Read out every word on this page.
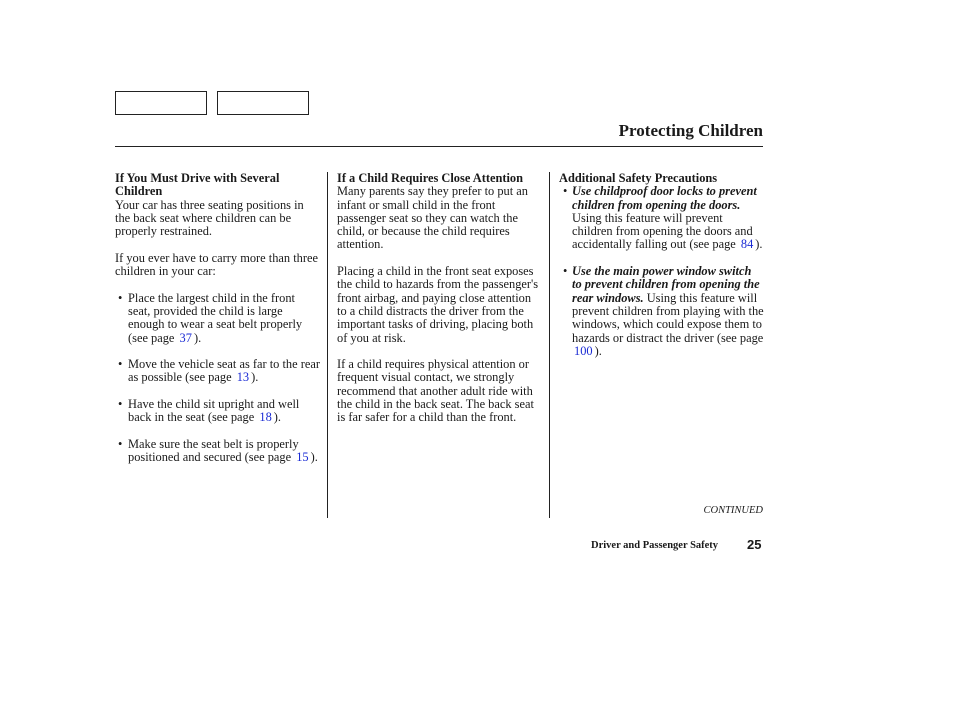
Protecting Children

If You Must Drive with Several Children

Your car has three seating positions in the back seat where children can be properly restrained.

If you ever have to carry more than three children in your car:

• Place the largest child in the front seat, provided the child is large enough to wear a seat belt properly (see page 37 ).

• Move the vehicle seat as far to the rear as possible (see page 13 ).

• Have the child sit upright and well back in the seat (see page 18 ).

• Make sure the seat belt is properly positioned and secured (see page 15 ).

If a Child Requires Close Attention

Many parents say they prefer to put an infant or small child in the front passenger seat so they can watch the child, or because the child requires attention.

Placing a child in the front seat exposes the child to hazards from the passenger's front airbag, and paying close attention to a child distracts the driver from the important tasks of driving, placing both of you at risk.

If a child requires physical attention or frequent visual contact, we strongly recommend that another adult ride with the child in the back seat. The back seat is far safer for a child than the front.

Additional Safety Precautions

• Use childproof door locks to prevent children from opening the doors. Using this feature will prevent children from opening the doors and accidentally falling out (see page 84 ).

• Use the main power window switch to prevent children from opening the rear windows. Using this feature will prevent children from playing with the windows, which could expose them to hazards or distract the driver (see page 100 ).

CONTINUED
Driver and Passenger Safety 25
